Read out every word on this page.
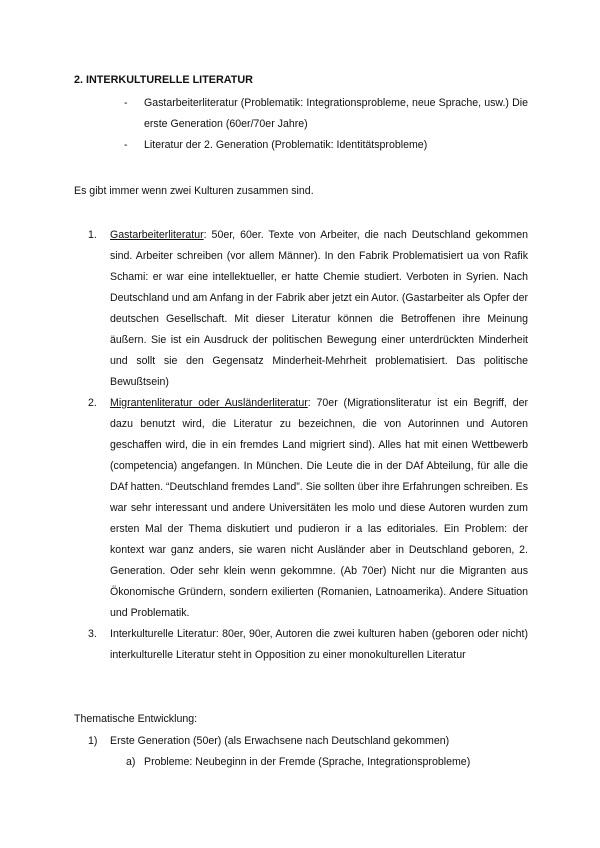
2. INTERKULTURELLE LITERATUR
- Gastarbeiterliteratur (Problematik: Integrationsprobleme, neue Sprache, usw.) Die erste Generation (60er/70er Jahre)
- Literatur der 2. Generation (Problematik: Identitätsprobleme)
Es gibt immer wenn zwei Kulturen zusammen sind.
1. Gastarbeiterliteratur: 50er, 60er. Texte von Arbeiter, die nach Deutschland gekommen sind. Arbeiter schreiben (vor allem Männer). In den Fabrik Problematisiert ua von Rafik Schami: er war eine intellektueller, er hatte Chemie studiert. Verboten in Syrien. Nach Deutschland und am Anfang in der Fabrik aber jetzt ein Autor. (Gastarbeiter als Opfer der deutschen Gesellschaft. Mit dieser Literatur können die Betroffenen ihre Meinung äußern. Sie ist ein Ausdruck der politischen Bewegung einer unterdrückten Minderheit und sollt sie den Gegensatz Minderheit-Mehrheit problematisiert. Das politische Bewußtsein)
2. Migrantenliteratur oder Ausländerliteratur: 70er (Migrationsliteratur ist ein Begriff, der dazu benutzt wird, die Literatur zu bezeichnen, die von Autorinnen und Autoren geschaffen wird, die in ein fremdes Land migriert sind). Alles hat mit einen Wettbewerb (competencia) angefangen. In München. Die Leute die in der DAf Abteilung, für alle die DAf hatten. “Deutschland fremdes Land”. Sie sollten über ihre Erfahrungen schreiben. Es war sehr interessant und andere Universitäten les molo und diese Autoren wurden zum ersten Mal der Thema diskutiert und pudieron ir a las editoriales. Ein Problem: der kontext war ganz anders, sie waren nicht Ausländer aber in Deutschland geboren, 2. Generation. Oder sehr klein wenn gekommne. (Ab 70er) Nicht nur die Migranten aus Ökonomische Gründern, sondern exilierten (Romanien, Latnoamerika). Andere Situation und Problematik.
3. Interkulturelle Literatur: 80er, 90er, Autoren die zwei kulturen haben (geboren oder nicht) interkulturelle Literatur steht in Opposition zu einer monokulturellen Literatur
Thematische Entwicklung:
1) Erste Generation (50er) (als Erwachsene nach Deutschland gekommen)
a) Probleme: Neubeginn in der Fremde (Sprache, Integrationsprobleme)
